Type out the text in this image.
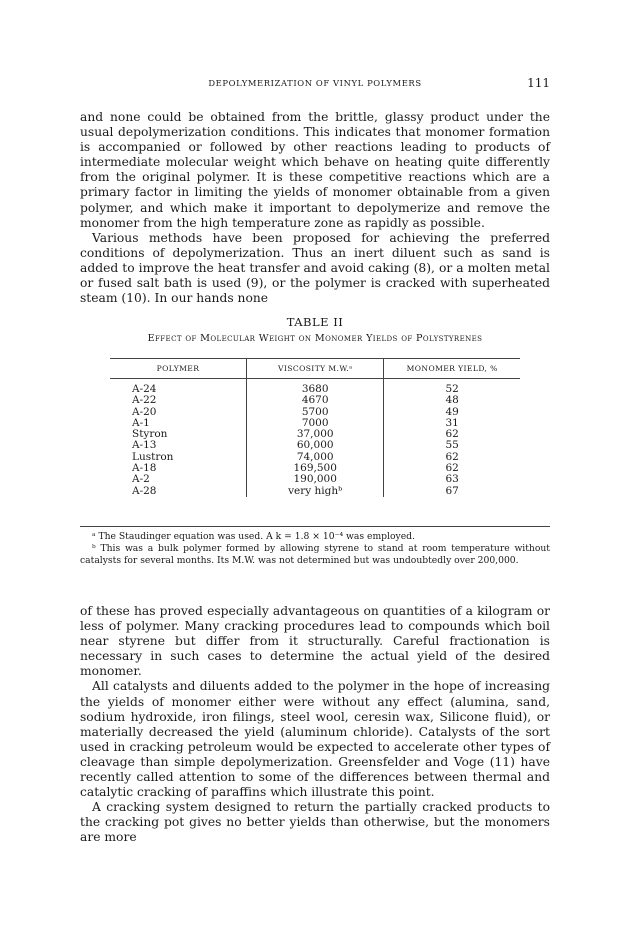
DEPOLYMERIZATION OF VINYL POLYMERS	111

and none could be obtained from the brittle, glassy product under the usual depolymerization conditions. This indicates that monomer formation is accompanied or followed by other reactions leading to products of intermediate molecular weight which behave on heating quite differently from the original polymer. It is these competitive reactions which are a primary factor in limiting the yields of monomer obtainable from a given polymer, and which make it important to depolymerize and remove the monomer from the high temperature zone as rapidly as possible.

Various methods have been proposed for achieving the preferred conditions of depolymerization. Thus an inert diluent such as sand is added to improve the heat transfer and avoid caking (8), or a molten metal or fused salt bath is used (9), or the polymer is cracked with superheated steam (10). In our hands none

TABLE II
Effect of Molecular Weight on Monomer Yields of Polystyrenes
POLYMER	VISCOSITY M.W.ᵃ	MONOMER YIELD, %
A-24	3680	52
A-22	4670	48
A-20	5700	49
A-1	7000	31
Styron	37,000	62
A-13	60,000	55
Lustron	74,000	62
A-18	169,500	62
A-2	190,000	63
A-28	very highᵇ	67

ᵃ The Staudinger equation was used. A k = 1.8 × 10⁻⁴ was employed.

ᵇ This was a bulk polymer formed by allowing styrene to stand at room temperature without catalysts for several months. Its M.W. was not determined but was undoubtedly over 200,000.

of these has proved especially advantageous on quantities of a kilogram or less of polymer. Many cracking procedures lead to compounds which boil near styrene but differ from it structurally. Careful fractionation is necessary in such cases to determine the actual yield of the desired monomer.

All catalysts and diluents added to the polymer in the hope of increasing the yields of monomer either were without any effect (alumina, sand, sodium hydroxide, iron filings, steel wool, ceresin wax, Silicone fluid), or materially decreased the yield (aluminum chloride). Catalysts of the sort used in cracking petroleum would be expected to accelerate other types of cleavage than simple depolymerization. Greensfelder and Voge (11) have recently called attention to some of the differences between thermal and catalytic cracking of paraffins which illustrate this point.

A cracking system designed to return the partially cracked products to the cracking pot gives no better yields than otherwise, but the monomers are more
